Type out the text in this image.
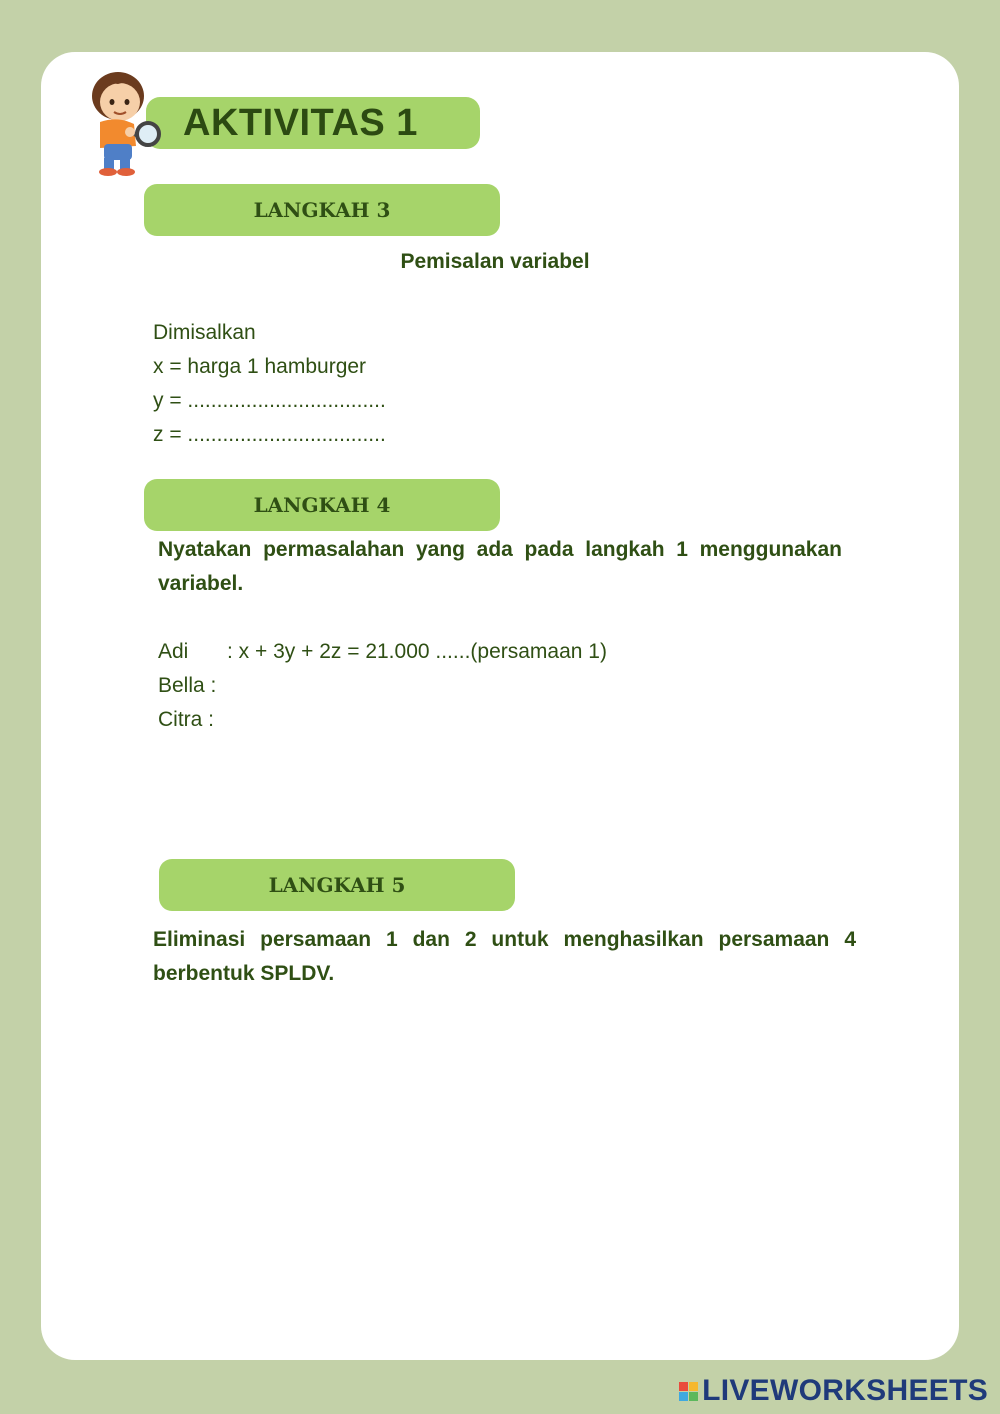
AKTIVITAS 1
LANGKAH 3
Pemisalan variabel
Dimisalkan
x = harga 1 hamburger
y = ..................................
z = ..................................
LANGKAH 4
Nyatakan permasalahan yang ada pada langkah 1 menggunakan variabel.
Adi : x + 3y + 2z = 21.000 ......(persamaan 1)
Bella :
Citra :
LANGKAH 5
Eliminasi persamaan 1 dan 2 untuk menghasilkan persamaan 4 berbentuk SPLDV.
LIVEWORKSHEETS
